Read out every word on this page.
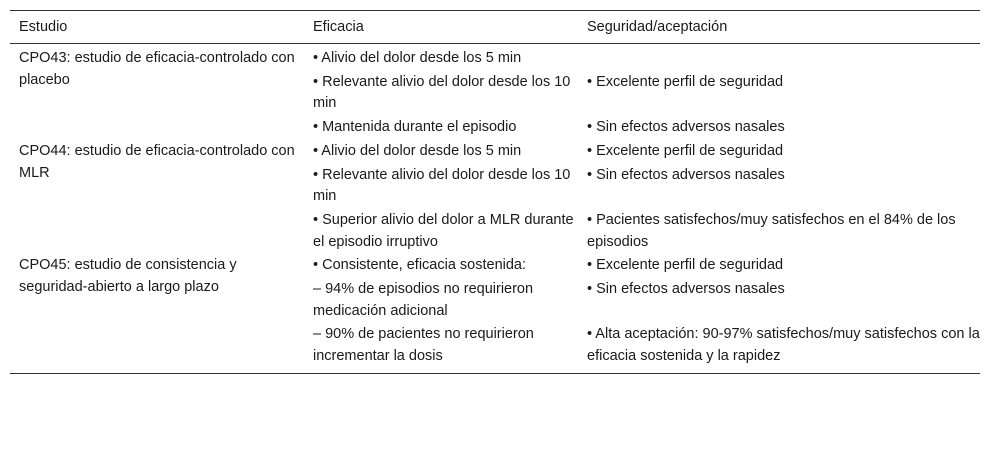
Estudio	Eficacia	Seguridad/aceptación
CPO43: estudio de eficacia-controlado con placebo	• Alivio del dolor desde los 5 min	
	• Relevante alivio del dolor desde los 10 min	• Excelente perfil de seguridad
	• Mantenida durante el episodio	• Sin efectos adversos nasales
CPO44: estudio de eficacia-controlado con MLR	• Alivio del dolor desde los 5 min	• Excelente perfil de seguridad
	• Relevante alivio del dolor desde los 10 min	• Sin efectos adversos nasales
	• Superior alivio del dolor a MLR durante el episodio irruptivo	• Pacientes satisfechos/muy satisfechos en el 84% de los episodios
CPO45: estudio de consistencia y seguridad-abierto a largo plazo	• Consistente, eficacia sostenida:	• Excelente perfil de seguridad
	– 94% de episodios no requirieron medicación adicional	• Sin efectos adversos nasales
	– 90% de pacientes no requirieron incrementar la dosis	• Alta aceptación: 90-97% satisfechos/muy satisfechos con la eficacia sostenida y la rapidez
